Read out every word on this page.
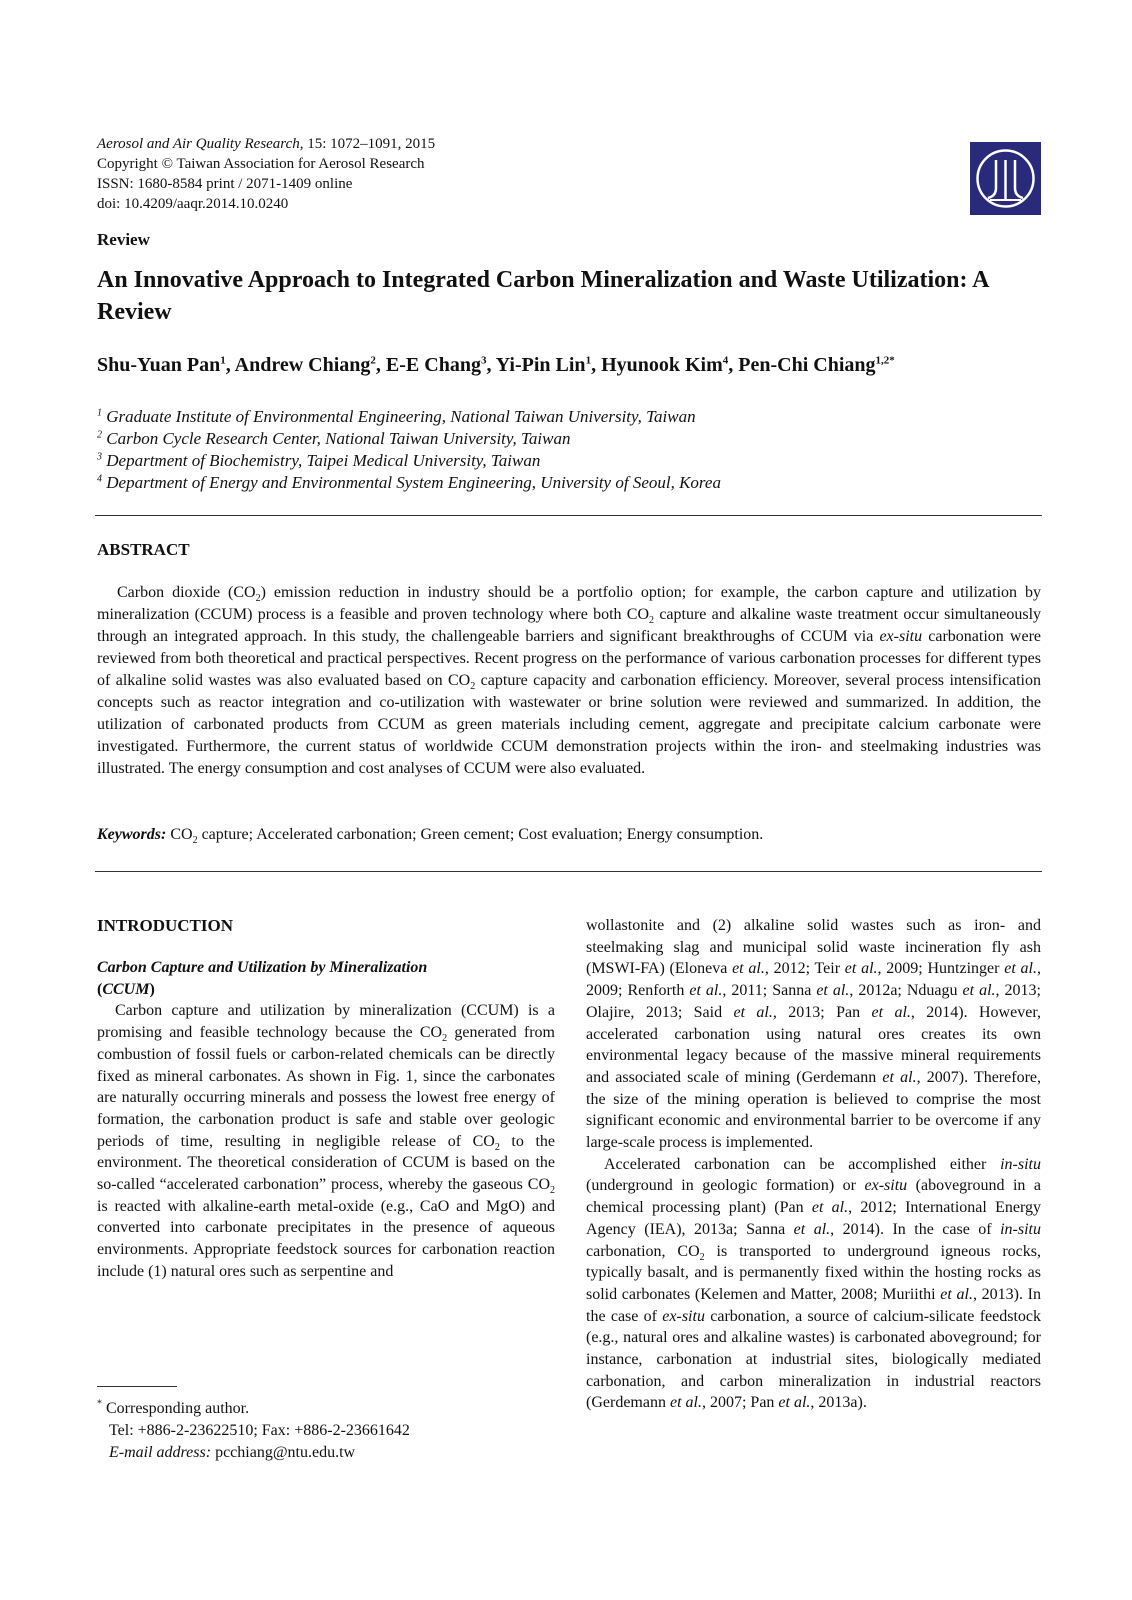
Aerosol and Air Quality Research, 15: 1072–1091, 2015
Copyright © Taiwan Association for Aerosol Research
ISSN: 1680-8584 print / 2071-1409 online
doi: 10.4209/aaqr.2014.10.0240
Review
An Innovative Approach to Integrated Carbon Mineralization and Waste Utilization: A Review
Shu-Yuan Pan$^1$, Andrew Chiang$^2$, E-E Chang$^3$, Yi-Pin Lin$^1$, Hyunook Kim$^4$, Pen-Chi Chiang$^{1,2*}$
$^1$ Graduate Institute of Environmental Engineering, National Taiwan University, Taiwan
$^2$ Carbon Cycle Research Center, National Taiwan University, Taiwan
$^3$ Department of Biochemistry, Taipei Medical University, Taiwan
$^4$ Department of Energy and Environmental System Engineering, University of Seoul, Korea
ABSTRACT
Carbon dioxide $(CO_2)$ emission reduction in industry should be a portfolio option; for example, the carbon capture and utilization by mineralization (CCUM) process is a feasible and proven technology where both $CO_2$ capture and alkaline waste treatment occur simultaneously through an integrated approach. In this study, the challengeable barriers and significant breakthroughs of CCUM via ex-situ carbonation were reviewed from both theoretical and practical perspectives. Recent progress on the performance of various carbonation processes for different types of alkaline solid wastes was also evaluated based on $CO_2$ capture capacity and carbonation efficiency. Moreover, several process intensification concepts such as reactor integration and co-utilization with wastewater or brine solution were reviewed and summarized. In addition, the utilization of carbonated products from CCUM as green materials including cement, aggregate and precipitate calcium carbonate were investigated. Furthermore, the current status of worldwide CCUM demonstration projects within the iron- and steelmaking industries was illustrated. The energy consumption and cost analyses of CCUM were also evaluated.
Keywords: $CO_2$ capture; Accelerated carbonation; Green cement; Cost evaluation; Energy consumption.
INTRODUCTION
Carbon Capture and Utilization by Mineralization
(CCUM)

Carbon capture and utilization by mineralization (CCUM) is a promising and feasible technology because the $CO_2$ generated from combustion of fossil fuels or carbon-related chemicals can be directly fixed as mineral carbonates. As shown in Fig. 1, since the carbonates are naturally occurring minerals and possess the lowest free energy of formation, the carbonation product is safe and stable over geologic periods of time, resulting in negligible release of $CO_2$ to the environment. The theoretical consideration of CCUM is based on the so-called “accelerated carbonation” process, whereby the gaseous $CO_2$ is reacted with alkaline-earth metal-oxide (e.g., CaO and MgO) and converted into carbonate precipitates in the presence of aqueous environments. Appropriate feedstock sources for carbonation reaction include (1) natural ores such as serpentine and

wollastonite and (2) alkaline solid wastes such as iron- and steelmaking slag and municipal solid waste incineration fly ash (MSWI-FA) (Eloneva et al., 2012; Teir et al., 2009; Huntzinger et al., 2009; Renforth et al., 2011; Sanna et al., 2012a; Nduagu et al., 2013; Olajire, 2013; Said et al., 2013; Pan et al., 2014). However, accelerated carbonation using natural ores creates its own environmental legacy because of the massive mineral requirements and associated scale of mining (Gerdemann et al., 2007). Therefore, the size of the mining operation is believed to comprise the most significant economic and environmental barrier to be overcome if any large-scale process is implemented.

Accelerated carbonation can be accomplished either in-situ (underground in geologic formation) or ex-situ (aboveground in a chemical processing plant) (Pan et al., 2012; International Energy Agency (IEA), 2013a; Sanna et al., 2014). In the case of in-situ carbonation, $CO_2$ is transported to underground igneous rocks, typically basalt, and is permanently fixed within the hosting rocks as solid carbonates (Kelemen and Matter, 2008; Muriithi et al., 2013). In the case of ex-situ carbonation, a source of calcium-silicate feedstock (e.g., natural ores and alkaline wastes) is carbonated aboveground; for instance, carbonation at industrial sites, biologically mediated carbonation, and carbon mineralization in industrial reactors (Gerdemann et al., 2007; Pan et al., 2013a).

* Corresponding author.
Tel: +886-2-23622510; Fax: +886-2-23661642
E-mail address: pcchiang@ntu.edu.tw
